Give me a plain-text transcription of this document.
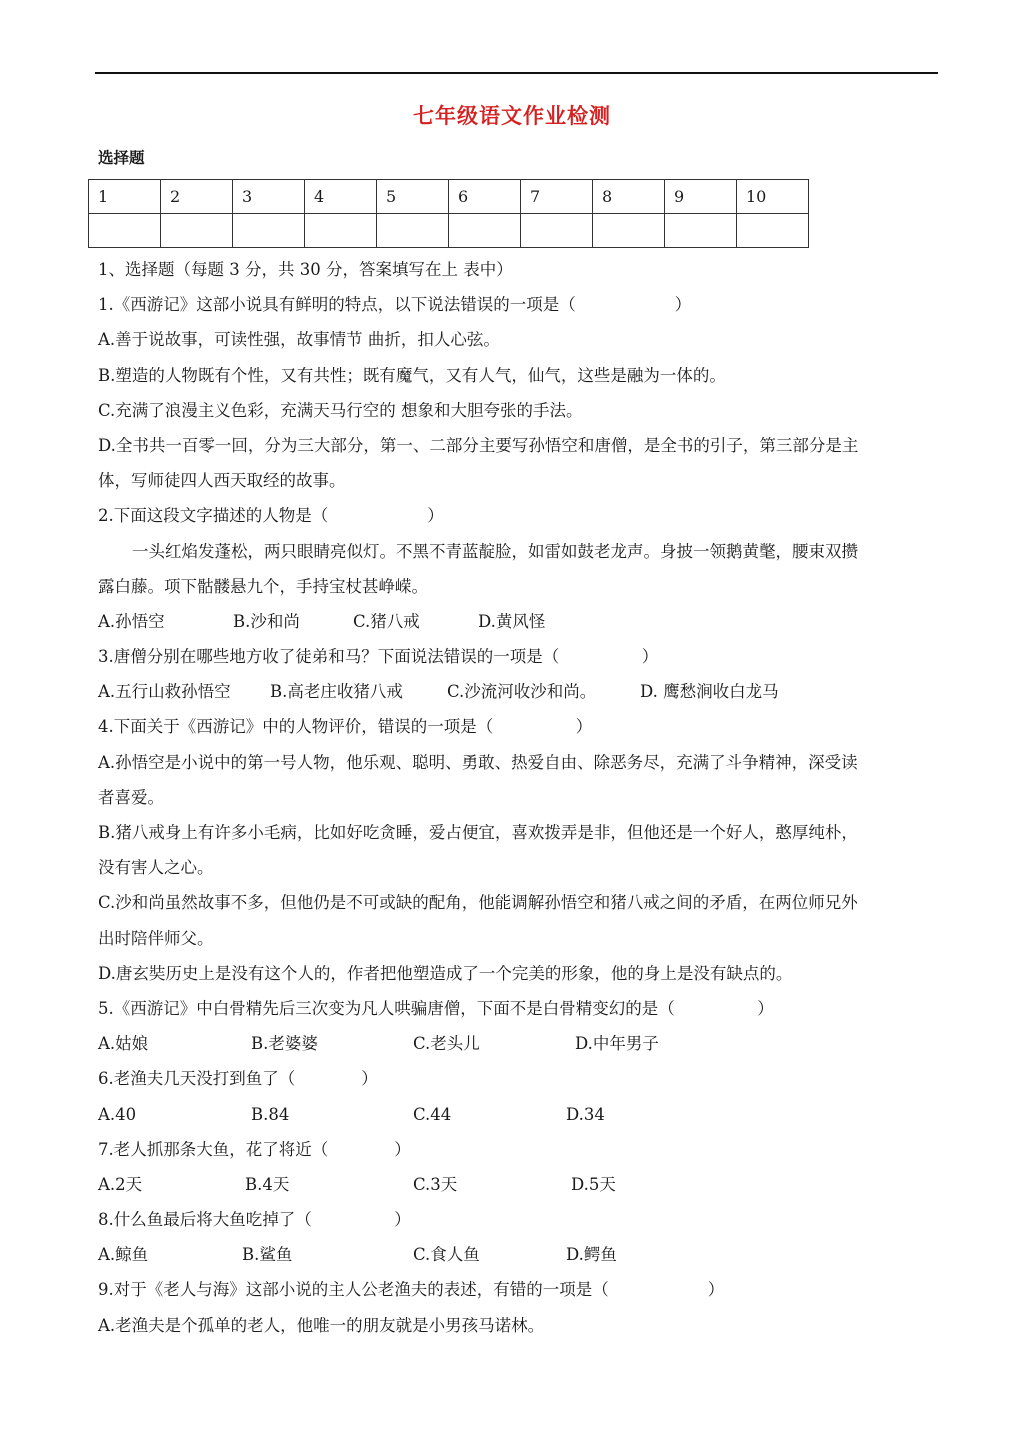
七年级语文作业检测
选择题
1	2	3	4	5	6	7	8	9	10

1、选择题（每题 3 分，共 30 分，答案填写在上 表中）
1.《西游记》这部小说具有鲜明的特点，以下说法错误的一项是（　　　　　　）
A.善于说故事，可读性强，故事情节 曲折，扣人心弦。
B.塑造的人物既有个性，又有共性；既有魔气，又有人气，仙气，这些是融为一体的。
C.充满了浪漫主义色彩，充满天马行空的 想象和大胆夸张的手法。
D.全书共一百零一回，分为三大部分，第一、二部分主要写孙悟空和唐僧，是全书的引子，第三部分是主
体，写师徒四人西天取经的故事。
2.下面这段文字描述的人物是（　　　　　　）
一头红焰发蓬松，两只眼睛亮似灯。不黑不青蓝靛脸，如雷如鼓老龙声。身披一领鹅黄氅，腰束双攒
露白藤。项下骷髅悬九个，手持宝杖甚峥嵘。
A.孙悟空	B.沙和尚	C.猪八戒	D.黄风怪
3.唐僧分别在哪些地方收了徒弟和马？下面说法错误的一项是（　　　　　）
A.五行山救孙悟空	B.高老庄收猪八戒	C.沙流河收沙和尚。	D. 鹰愁涧收白龙马
4.下面关于《西游记》中的人物评价，错误的一项是（　　　　　）
A.孙悟空是小说中的第一号人物，他乐观、聪明、勇敢、热爱自由、除恶务尽，充满了斗争精神，深受读
者喜爱。
B.猪八戒身上有许多小毛病，比如好吃贪睡，爱占便宜，喜欢拨弄是非，但他还是一个好人，憨厚纯朴，
没有害人之心。
C.沙和尚虽然故事不多，但他仍是不可或缺的配角，他能调解孙悟空和猪八戒之间的矛盾，在两位师兄外
出时陪伴师父。
D.唐玄奘历史上是没有这个人的，作者把他塑造成了一个完美的形象，他的身上是没有缺点的。
5.《西游记》中白骨精先后三次变为凡人哄骗唐僧，下面不是白骨精变幻的是（　　　　　）
A.姑娘	B.老婆婆	C.老头儿	D.中年男子
6.老渔夫几天没打到鱼了（　　　　）
A.40	B.84	C.44	D.34
7.老人抓那条大鱼，花了将近（　　　　）
A.2天	B.4天	C.3天	D.5天
8.什么鱼最后将大鱼吃掉了（　　　　　）
A.鲸鱼	B.鲨鱼	C.食人鱼	D.鳄鱼
9.对于《老人与海》这部小说的主人公老渔夫的表述，有错的一项是（　　　　　　）
A.老渔夫是个孤单的老人，他唯一的朋友就是小男孩马诺林。
